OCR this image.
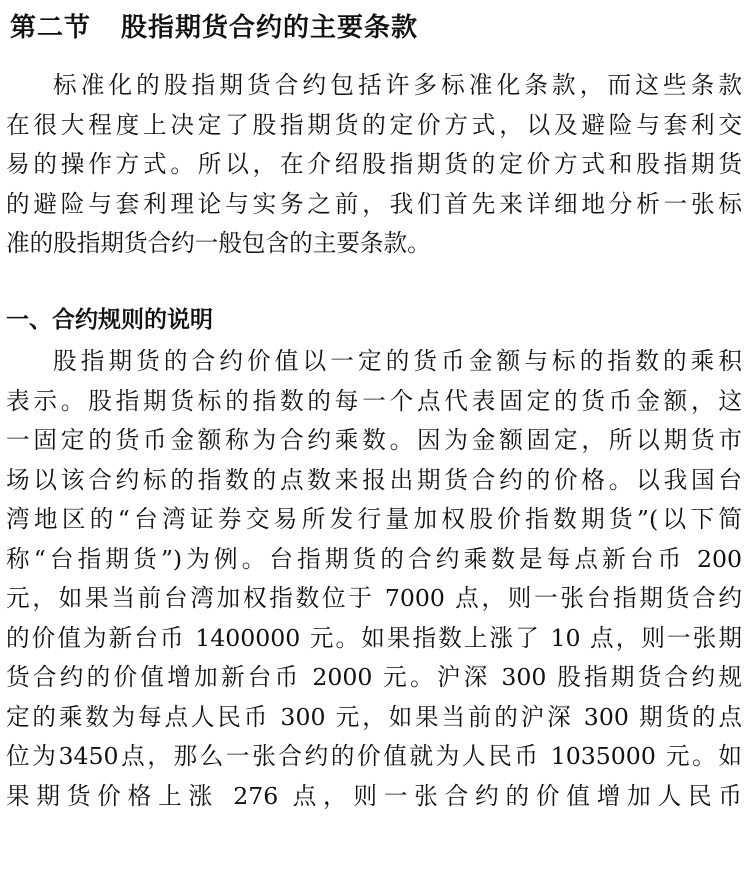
第二节 股指期货合约的主要条款
标准化的股指期货合约包括许多标准化条款，而这些条款
在很大程度上决定了股指期货的定价方式，以及避险与套利交
易的操作方式。所以，在介绍股指期货的定价方式和股指期货
的避险与套利理论与实务之前，我们首先来详细地分析一张标
准的股指期货合约一般包含的主要条款。
一、合约规则的说明
股指期货的合约价值以一定的货币金额与标的指数的乘积
表示。股指期货标的指数的每一个点代表固定的货币金额，这
一固定的货币金额称为合约乘数。因为金额固定，所以期货市
场以该合约标的指数的点数来报出期货合约的价格。以我国台
湾地区的“台湾证券交易所发行量加权股价指数期货”(以下简
称“台指期货”)为例。台指期货的合约乘数是每点新台币 200
元，如果当前台湾加权指数位于 7000 点，则一张台指期货合约
的价值为新台币 1400000 元。如果指数上涨了 10 点，则一张期
货合约的价值增加新台币 2000 元。沪深 300 股指期货合约规
定的乘数为每点人民币 300 元，如果当前的沪深 300 期货的点
位为3450点，那么一张合约的价值就为人民币 1035000 元。如
果期货价格上涨 276 点，则一张合约的价值增加人民币
